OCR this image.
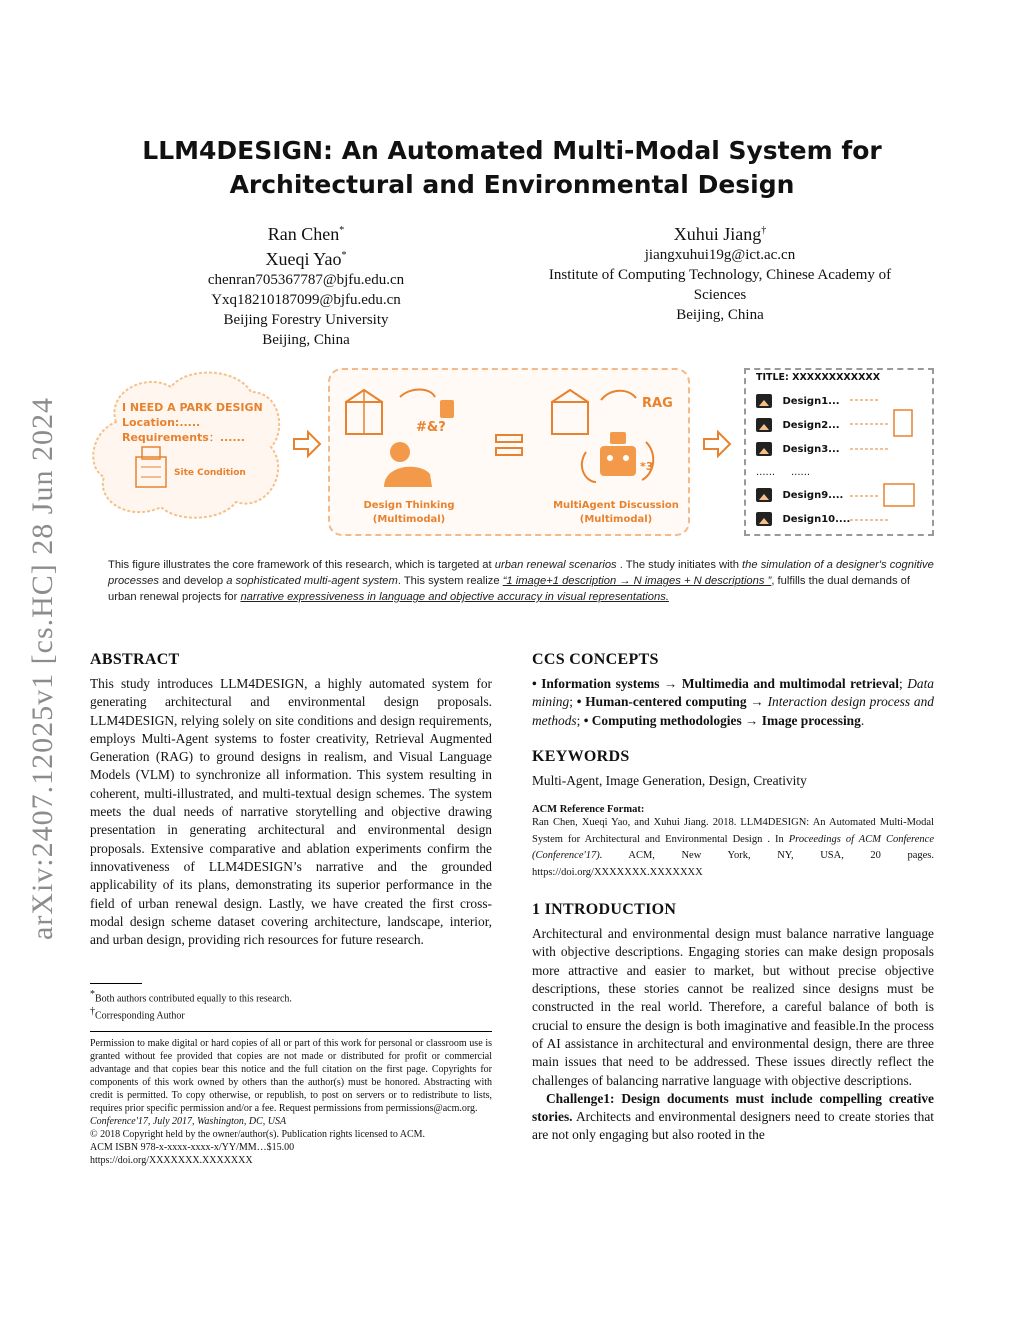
arXiv:2407.12025v1 [cs.HC] 28 Jun 2024
LLM4DESIGN: An Automated Multi-Modal System for
Architectural and Environmental Design
Ran Chen*
Xueqi Yao*
chenran705367787@bjfu.edu.cn
Yxq18210187099@bjfu.edu.cn
Beijing Forestry University
Beijing, China
Xuhui Jiang†
jiangxuhui19g@ict.ac.cn
Institute of Computing Technology, Chinese Academy of
Sciences
Beijing, China
I NEED A PARK DESIGN
Location:.....
Requirements：......
Site Condition
#&?
Design Thinking
(Multimodal)
RAG
*3
MultiAgent Discussion
(Multimodal)
TITLE: XXXXXXXXXXXX
Design1...
Design2...
Design3...
...... ......
Design9....
Design10....
This figure illustrates the core framework of this research, which is targeted at urban renewal scenarios . The study initiates with the simulation of a designer's cognitive processes and develop a sophisticated multi-agent system. This system realize “1 image+1 description → N images + N descriptions ”, fulfills the dual demands of urban renewal projects for narrative expressiveness in language and objective accuracy in visual representations.
ABSTRACT
This study introduces LLM4DESIGN, a highly automated system for generating architectural and environmental design proposals. LLM4DESIGN, relying solely on site conditions and design requirements, employs Multi-Agent systems to foster creativity, Retrieval Augmented Generation (RAG) to ground designs in realism, and Visual Language Models (VLM) to synchronize all information. This system resulting in coherent, multi-illustrated, and multi-textual design schemes. The system meets the dual needs of narrative storytelling and objective drawing presentation in generating architectural and environmental design proposals. Extensive comparative and ablation experiments confirm the innovativeness of LLM4DESIGN’s narrative and the grounded applicability of its plans, demonstrating its superior performance in the field of urban renewal design. Lastly, we have created the first cross-modal design scheme dataset covering architecture, landscape, interior, and urban design, providing rich resources for future research.
*Both authors contributed equally to this research.
†Corresponding Author
Permission to make digital or hard copies of all or part of this work for personal or classroom use is granted without fee provided that copies are not made or distributed for profit or commercial advantage and that copies bear this notice and the full citation on the first page. Copyrights for components of this work owned by others than the author(s) must be honored. Abstracting with credit is permitted. To copy otherwise, or republish, to post on servers or to redistribute to lists, requires prior specific permission and/or a fee. Request permissions from permissions@acm.org.
Conference'17, July 2017, Washington, DC, USA
© 2018 Copyright held by the owner/author(s). Publication rights licensed to ACM.
ACM ISBN 978-x-xxxx-xxxx-x/YY/MM…$15.00
https://doi.org/XXXXXXX.XXXXXXX
CCS CONCEPTS
• Information systems → Multimedia and multimodal retrieval; Data mining; • Human-centered computing → Interaction design process and methods; • Computing methodologies → Image processing.
KEYWORDS
Multi-Agent, Image Generation, Design, Creativity
ACM Reference Format:
Ran Chen, Xueqi Yao, and Xuhui Jiang. 2018. LLM4DESIGN: An Automated Multi-Modal System for Architectural and Environmental Design . In Proceedings of ACM Conference (Conference'17). ACM, New York, NY, USA, 20 pages. https://doi.org/XXXXXXX.XXXXXXX
1 INTRODUCTION
Architectural and environmental design must balance narrative language with objective descriptions. Engaging stories can make design proposals more attractive and easier to market, but without precise objective descriptions, these stories cannot be realized since designs must be constructed in the real world. Therefore, a careful balance of both is crucial to ensure the design is both imaginative and feasible.In the process of AI assistance in architectural and environmental design, there are three main issues that need to be addressed. These issues directly reflect the challenges of balancing narrative language with objective descriptions.
Challenge1: Design documents must include compelling creative stories. Architects and environmental designers need to create stories that are not only engaging but also rooted in the
